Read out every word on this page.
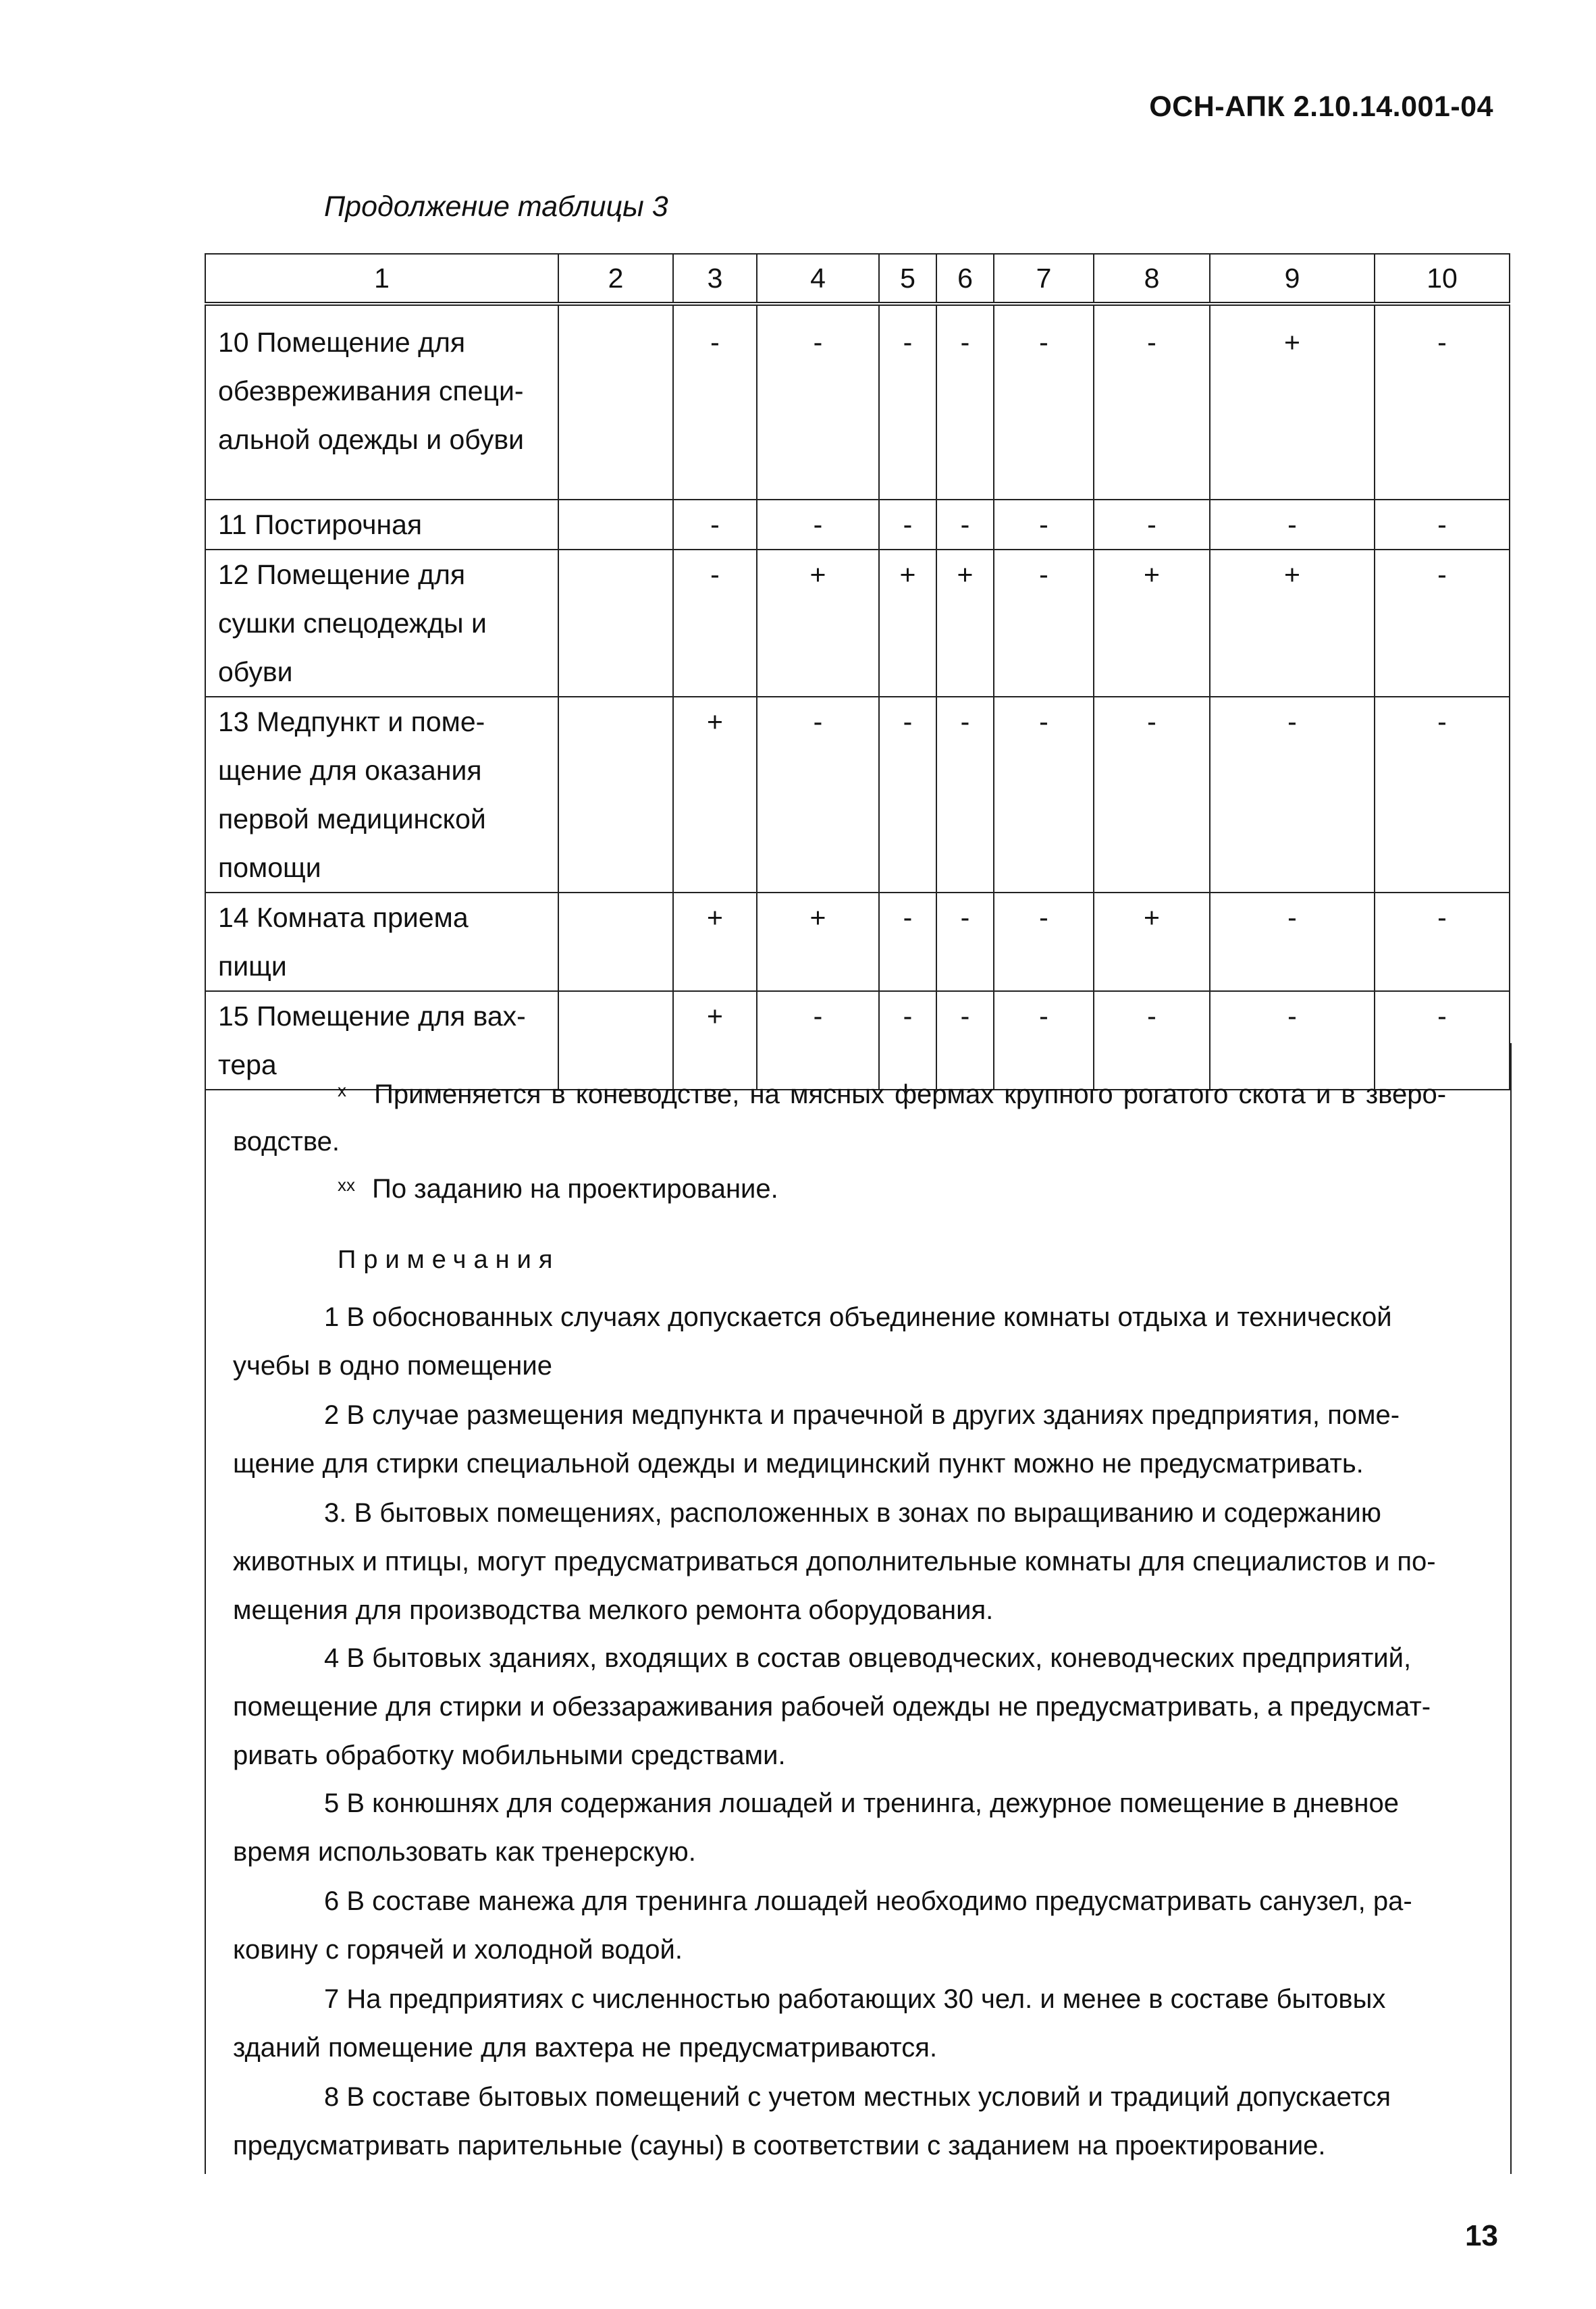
ОСН-АПК 2.10.14.001-04
Продолжение таблицы 3
1	2	3	4	5	6	7	8	9	10

10 Помещение для
обезвреживания специ-
альной одежды и обуви		-	-	-	-	-	-	+	-

11 Постирочная		-	-	-	-	-	-	-	-

12 Помещение для
сушки спецодежды и
обуви		-	+	+	+	-	+	+	-

13 Медпункт и поме-
щение для оказания
первой медицинской
помощи		+	-	-	-	-	-	-	-

14 Комната приема
пищи		+	+	-	-	-	+	-	-

15 Помещение для вах-
тера		+	-	-	-	-	-	-	-
$^х$ Применяется в коневодстве, на мясных фермах крупного рогатого скота и в зверо-
водстве.
$^{хх}$ По заданию на проектирование.
Примечания
1 В обоснованных случаях допускается объединение комнаты отдыха и технической
учебы в одно помещение
2 В случае размещения медпункта и прачечной в других зданиях предприятия, поме-
щение для стирки специальной одежды и медицинский пункт можно не предусматривать.
3. В бытовых помещениях, расположенных в зонах по выращиванию и содержанию
животных и птицы, могут предусматриваться дополнительные комнаты для специалистов и по-
мещения для производства мелкого ремонта оборудования.
4 В бытовых зданиях, входящих в состав овцеводческих, коневодческих предприятий,
помещение для стирки и обеззараживания рабочей одежды не предусматривать, а предусмат-
ривать обработку мобильными средствами.
5 В конюшнях для содержания лошадей и тренинга, дежурное помещение в дневное
время использовать как тренерскую.
6 В составе манежа для тренинга лошадей необходимо предусматривать санузел, ра-
ковину с горячей и холодной водой.
7 На предприятиях с численностью работающих 30 чел. и менее в составе бытовых
зданий помещение для вахтера не предусматриваются.
8 В составе бытовых помещений с учетом местных условий и традиций допускается
предусматривать парительные (сауны) в соответствии с заданием на проектирование.
13
